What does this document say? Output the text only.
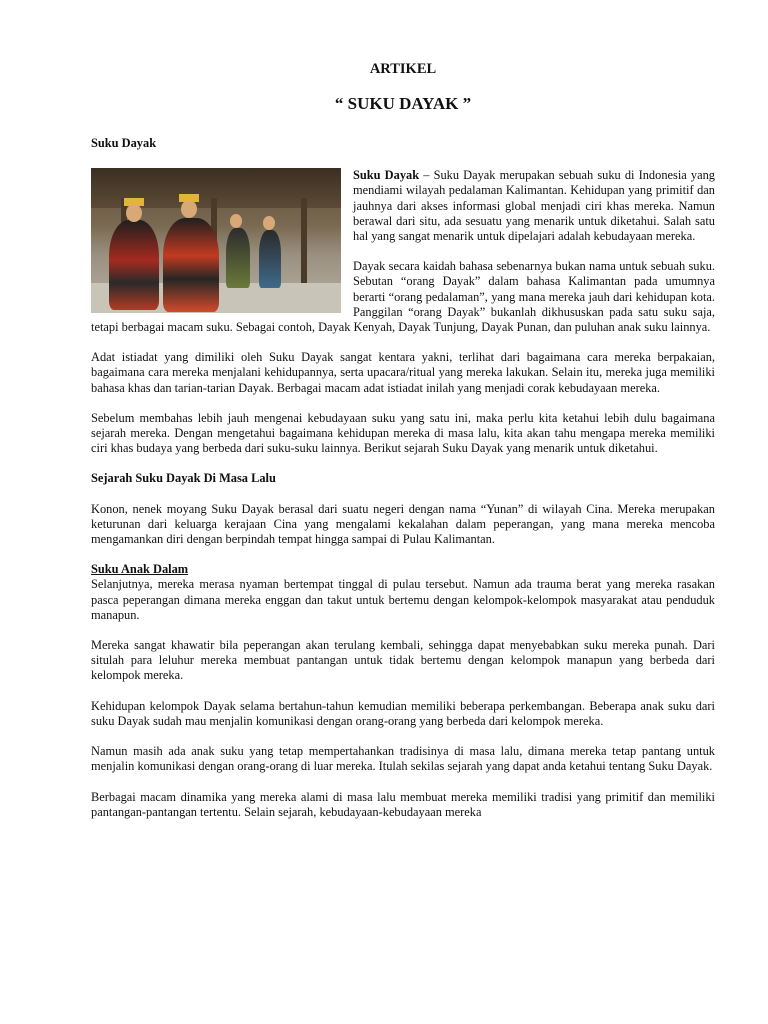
ARTIKEL
“ SUKU DAYAK ”

Suku Dayak

Suku Dayak – Suku Dayak merupakan sebuah suku di Indonesia yang mendiami wilayah pedalaman Kalimantan. Kehidupan yang primitif dan jauhnya dari akses informasi global menjadi ciri khas mereka. Namun berawal dari situ, ada sesuatu yang menarik untuk diketahui. Salah satu hal yang sangat menarik untuk dipelajari adalah kebudayaan mereka.

Dayak secara kaidah bahasa sebenarnya bukan nama untuk sebuah suku. Sebutan “orang Dayak” dalam bahasa Kalimantan pada umumnya berarti “orang pedalaman”, yang mana mereka jauh dari kehidupan kota. Panggilan “orang Dayak” bukanlah dikhususkan pada satu suku saja, tetapi berbagai macam suku. Sebagai contoh, Dayak Kenyah, Dayak Tunjung, Dayak Punan, dan puluhan anak suku lainnya.

Adat istiadat yang dimiliki oleh Suku Dayak sangat kentara yakni, terlihat dari bagaimana cara mereka berpakaian, bagaimana cara mereka menjalani kehidupannya, serta upacara/ritual yang mereka lakukan. Selain itu, mereka juga memiliki bahasa khas dan tarian-tarian Dayak. Berbagai macam adat istiadat inilah yang menjadi corak kebudayaan mereka.

Sebelum membahas lebih jauh mengenai kebudayaan suku yang satu ini, maka perlu kita ketahui lebih dulu bagaimana sejarah mereka. Dengan mengetahui bagaimana kehidupan mereka di masa lalu, kita akan tahu mengapa mereka memiliki ciri khas budaya yang berbeda dari suku-suku lainnya. Berikut sejarah Suku Dayak yang menarik untuk diketahui.

Sejarah Suku Dayak Di Masa Lalu

Konon, nenek moyang Suku Dayak berasal dari suatu negeri dengan nama “Yunan” di wilayah Cina. Mereka merupakan keturunan dari keluarga kerajaan Cina yang mengalami kekalahan dalam peperangan, yang mana mereka mencoba mengamankan diri dengan berpindah tempat hingga sampai di Pulau Kalimantan.

Suku Anak Dalam

Selanjutnya, mereka merasa nyaman bertempat tinggal di pulau tersebut. Namun ada trauma berat yang mereka rasakan pasca peperangan dimana mereka enggan dan takut untuk bertemu dengan kelompok-kelompok masyarakat atau penduduk manapun.

Mereka sangat khawatir bila peperangan akan terulang kembali, sehingga dapat menyebabkan suku mereka punah. Dari situlah para leluhur mereka membuat pantangan untuk tidak bertemu dengan kelompok manapun yang berbeda dari kelompok mereka.

Kehidupan kelompok Dayak selama bertahun-tahun kemudian memiliki beberapa perkembangan. Beberapa anak suku dari suku Dayak sudah mau menjalin komunikasi dengan orang-orang yang berbeda dari kelompok mereka.

Namun masih ada anak suku yang tetap mempertahankan tradisinya di masa lalu, dimana mereka tetap pantang untuk menjalin komunikasi dengan orang-orang di luar mereka. Itulah sekilas sejarah yang dapat anda ketahui tentang Suku Dayak.

Berbagai macam dinamika yang mereka alami di masa lalu membuat mereka memiliki tradisi yang primitif dan memiliki pantangan-pantangan tertentu. Selain sejarah, kebudayaan-kebudayaan mereka
